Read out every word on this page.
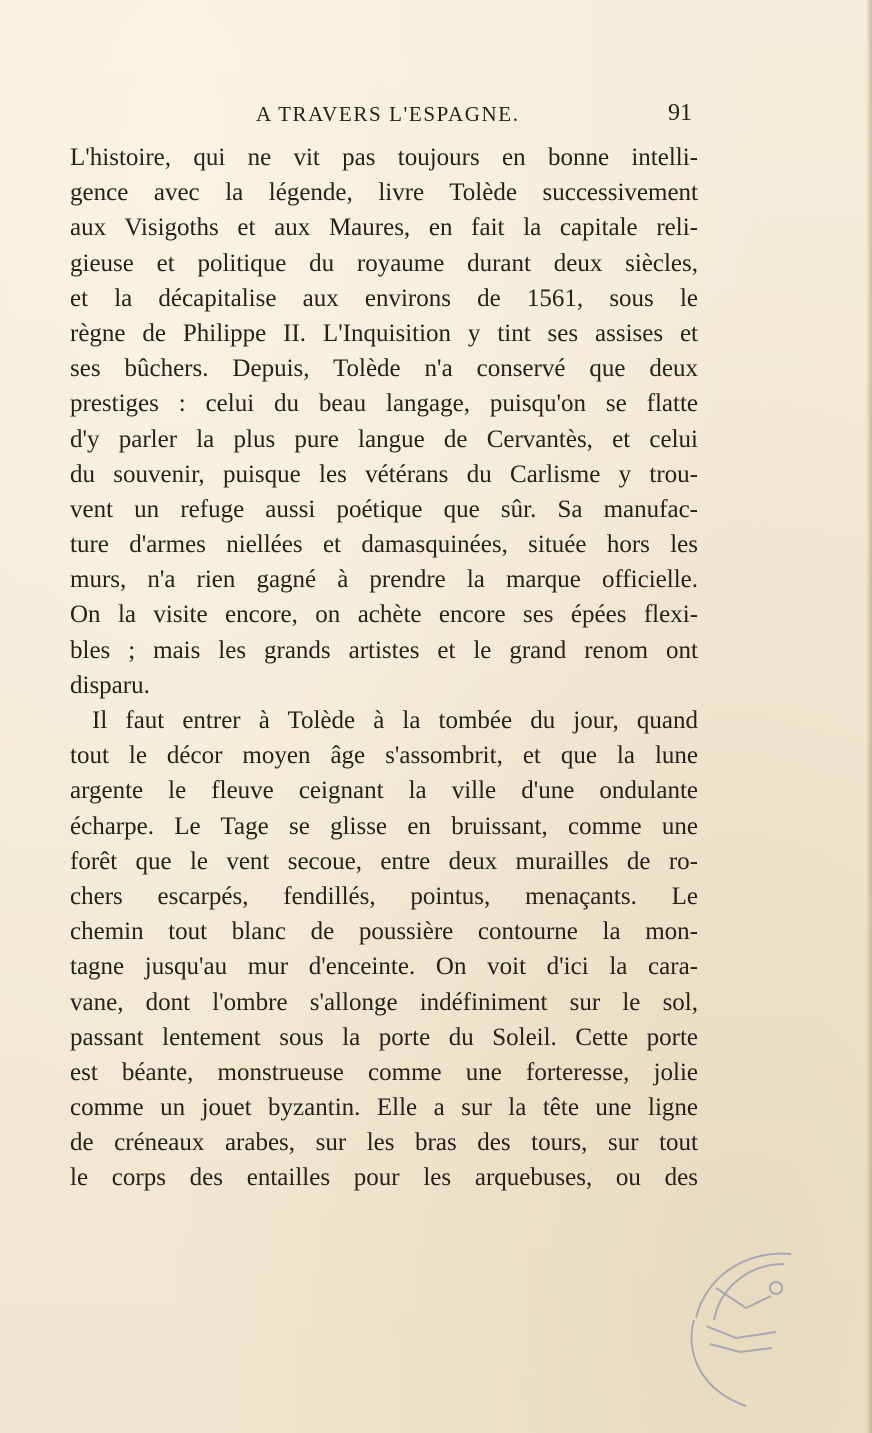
A TRAVERS L'ESPAGNE.	91
L'histoire, qui ne vit pas toujours en bonne intelli-
gence avec la légende, livre Tolède successivement
aux Visigoths et aux Maures, en fait la capitale reli-
gieuse et politique du royaume durant deux siècles,
et la décapitalise aux environs de 1561, sous le
règne de Philippe II. L'Inquisition y tint ses assises et
ses bûchers. Depuis, Tolède n'a conservé que deux
prestiges : celui du beau langage, puisqu'on se flatte
d'y parler la plus pure langue de Cervantès, et celui
du souvenir, puisque les vétérans du Carlisme y trou-
vent un refuge aussi poétique que sûr. Sa manufac-
ture d'armes niellées et damasquinées, située hors les
murs, n'a rien gagné à prendre la marque officielle.
On la visite encore, on achète encore ses épées flexi-
bles ; mais les grands artistes et le grand renom ont
disparu.
Il faut entrer à Tolède à la tombée du jour, quand
tout le décor moyen âge s'assombrit, et que la lune
argente le fleuve ceignant la ville d'une ondulante
écharpe. Le Tage se glisse en bruissant, comme une
forêt que le vent secoue, entre deux murailles de ro-
chers escarpés, fendillés, pointus, menaçants. Le
chemin tout blanc de poussière contourne la mon-
tagne jusqu'au mur d'enceinte. On voit d'ici la cara-
vane, dont l'ombre s'allonge indéfiniment sur le sol,
passant lentement sous la porte du Soleil. Cette porte
est béante, monstrueuse comme une forteresse, jolie
comme un jouet byzantin. Elle a sur la tête une ligne
de créneaux arabes, sur les bras des tours, sur tout
le corps des entailles pour les arquebuses, ou des
